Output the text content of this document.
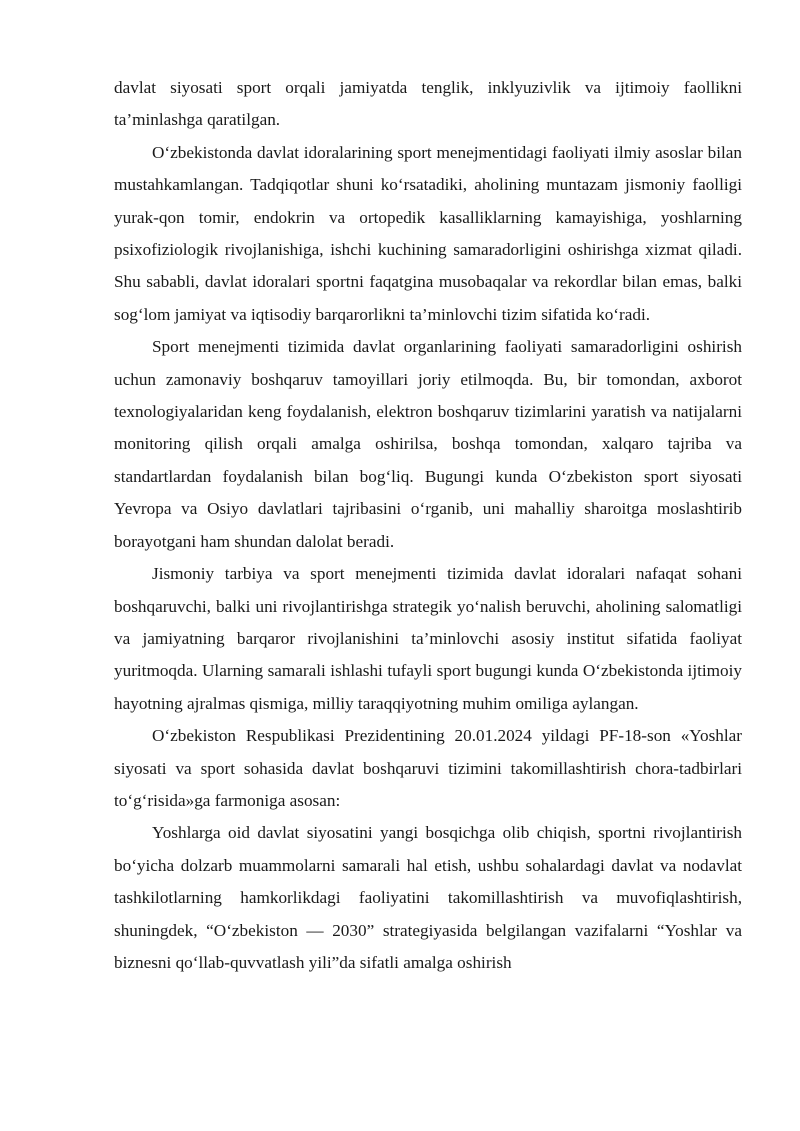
davlat siyosati sport orqali jamiyatda tenglik, inklyuzivlik va ijtimoiy faollikni ta’minlashga qaratilgan.

O‘zbekistonda davlat idoralarining sport menejmentidagi faoliyati ilmiy asoslar bilan mustahkamlangan. Tadqiqotlar shuni ko‘rsatadiki, aholining muntazam jismoniy faolligi yurak-qon tomir, endokrin va ortopedik kasalliklarning kamayishiga, yoshlarning psixofiziologik rivojlanishiga, ishchi kuchining samaradorligini oshirishga xizmat qiladi. Shu sababli, davlat idoralari sportni faqatgina musobaqalar va rekordlar bilan emas, balki sog‘lom jamiyat va iqtisodiy barqarorlikni ta’minlovchi tizim sifatida ko‘radi.

Sport menejmenti tizimida davlat organlarining faoliyati samaradorligini oshirish uchun zamonaviy boshqaruv tamoyillari joriy etilmoqda. Bu, bir tomondan, axborot texnologiyalaridan keng foydalanish, elektron boshqaruv tizimlarini yaratish va natijalarni monitoring qilish orqali amalga oshirilsa, boshqa tomondan, xalqaro tajriba va standartlardan foydalanish bilan bog‘liq. Bugungi kunda O‘zbekiston sport siyosati Yevropa va Osiyo davlatlari tajribasini o‘rganib, uni mahalliy sharoitga moslashtirib borayotgani ham shundan dalolat beradi.

Jismoniy tarbiya va sport menejmenti tizimida davlat idoralari nafaqat sohani boshqaruvchi, balki uni rivojlantirishga strategik yo‘nalish beruvchi, aholining salomatligi va jamiyatning barqaror rivojlanishini ta’minlovchi asosiy institut sifatida faoliyat yuritmoqda. Ularning samarali ishlashi tufayli sport bugungi kunda O‘zbekistonda ijtimoiy hayotning ajralmas qismiga, milliy taraqqiyotning muhim omiliga aylangan.

O‘zbekiston Respublikasi Prezidentining 20.01.2024 yildagi PF-18-son «Yoshlar siyosati va sport sohasida davlat boshqaruvi tizimini takomillashtirish chora-tadbirlari to‘g‘risida»ga farmoniga asosan:

Yoshlarga oid davlat siyosatini yangi bosqichga olib chiqish, sportni rivojlantirish bo‘yicha dolzarb muammolarni samarali hal etish, ushbu sohalardagi davlat va nodavlat tashkilotlarning hamkorlikdagi faoliyatini takomillashtirish va muvofiqlashtirish, shuningdek, “O‘zbekiston — 2030” strategiyasida belgilangan vazifalarni “Yoshlar va biznesni qo‘llab-quvvatlash yili”da sifatli amalga oshirish
